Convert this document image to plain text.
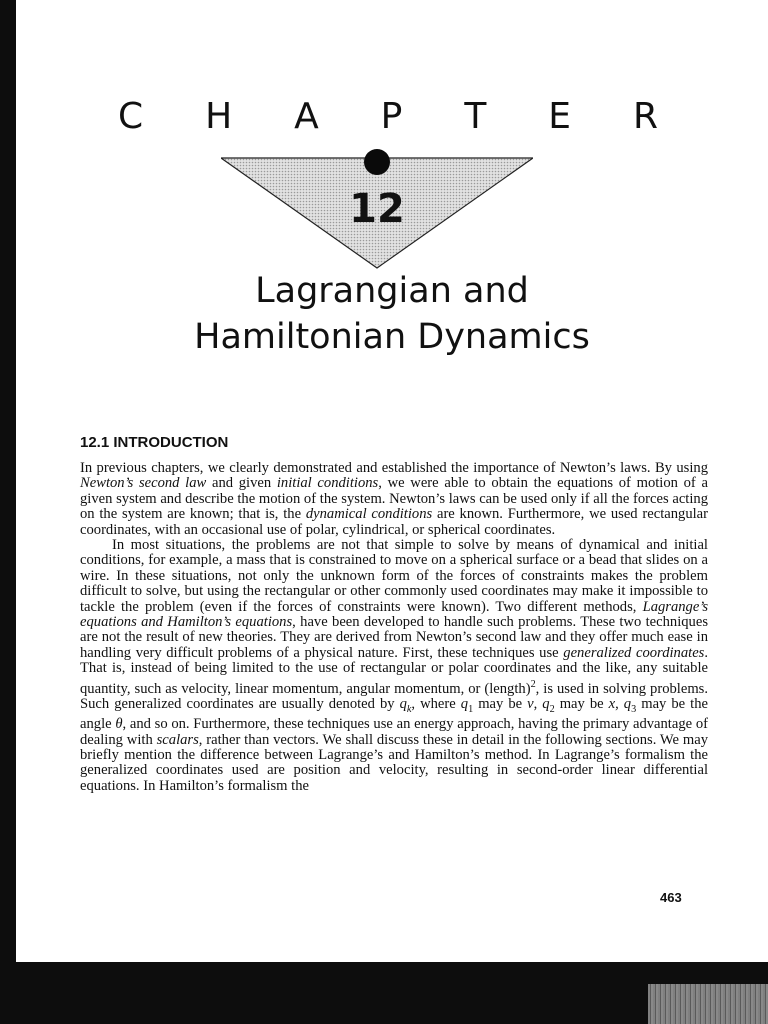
C H A P T E R
12
Lagrangian and
Hamiltonian Dynamics
12.1 INTRODUCTION

In previous chapters, we clearly demonstrated and established the importance of Newton’s laws. By using Newton’s second law and given initial conditions, we were able to obtain the equations of motion of a given system and describe the motion of the system. Newton’s laws can be used only if all the forces acting on the system are known; that is, the dynamical conditions are known. Furthermore, we used rectangular coordinates, with an occasional use of polar, cylindrical, or spherical coordinates.

In most situations, the problems are not that simple to solve by means of dynamical and initial conditions, for example, a mass that is constrained to move on a spherical surface or a bead that slides on a wire. In these situations, not only the unknown form of the forces of constraints makes the problem difficult to solve, but using the rectangular or other commonly used coordinates may make it impossible to tackle the problem (even if the forces of constraints were known). Two different methods, Lagrange’s equations and Hamilton’s equations, have been developed to handle such problems. These two techniques are not the result of new theories. They are derived from Newton’s second law and they offer much ease in handling very difficult problems of a physical nature. First, these techniques use generalized coordinates. That is, instead of being limited to the use of rectangular or polar coordinates and the like, any suitable quantity, such as velocity, linear momentum, angular momentum, or (length)$^2$, is used in solving problems. Such generalized coordinates are usually denoted by $q_k$, where $q_1$ may be v, $q_2$ may be x, $q_3$ may be the angle θ, and so on. Furthermore, these techniques use an energy approach, having the primary advantage of dealing with scalars, rather than vectors. We shall discuss these in detail in the following sections. We may briefly mention the difference between Lagrange’s and Hamilton’s method. In Lagrange’s formalism the generalized coordinates used are position and velocity, resulting in second-order linear differential equations. In Hamilton’s formalism the

463
